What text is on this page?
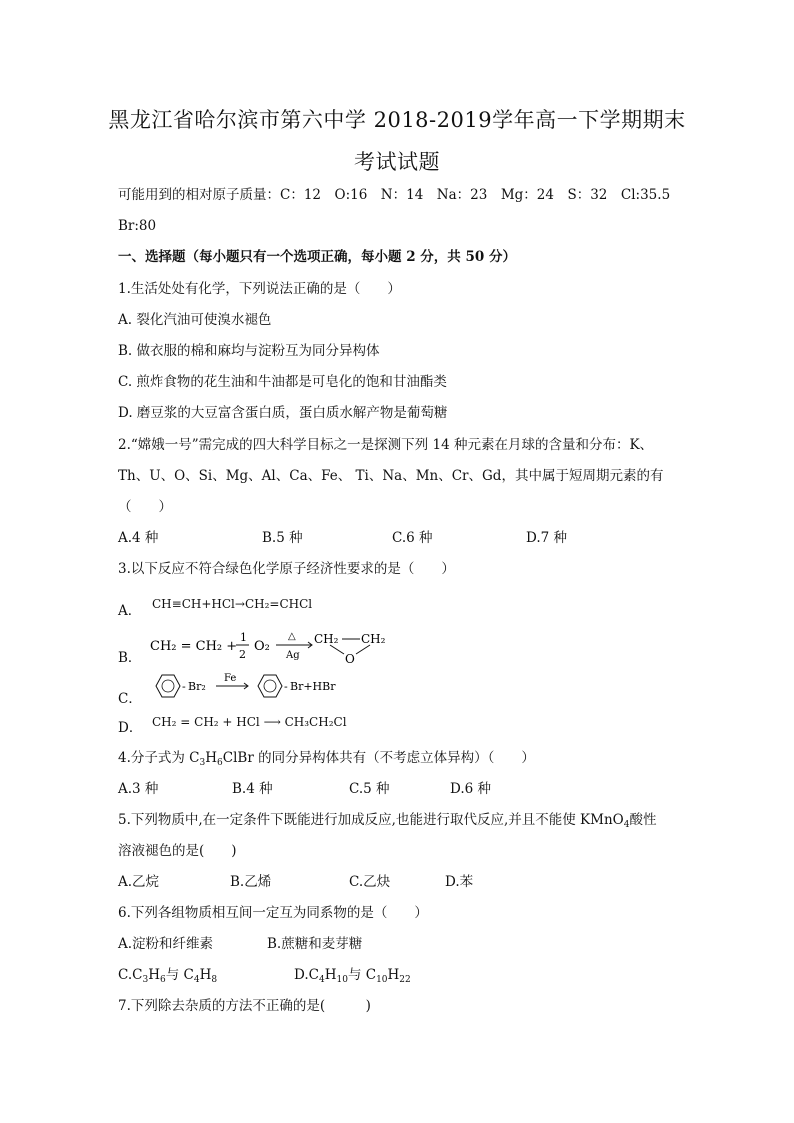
黑龙江省哈尔滨市第六中学 2018-2019学年高一下学期期末
考试试题
可能用到的相对原子质量：C：12　O:16　N：14　Na：23　Mg：24　S：32　Cl:35.5
Br:80
一、选择题（每小题只有一个选项正确，每小题 2 分，共 50 分）
1.生活处处有化学，下列说法正确的是（　　）
A. 裂化汽油可使溴水褪色
B. 做衣服的棉和麻均与淀粉互为同分异构体
C. 煎炸食物的花生油和牛油都是可皂化的饱和甘油酯类
D. 磨豆浆的大豆富含蛋白质，蛋白质水解产物是葡萄糖
2.“嫦娥一号”需完成的四大科学目标之一是探测下列 14 种元素在月球的含量和分布：K、
Th、U、O、Si、Mg、Al、Ca、Fe、 Ti、Na、Mn、Cr、Gd，其中属于短周期元素的有
（　　）
A.4 种	B.5 种	C.6 种	D.7 种
3.以下反应不符合绿色化学原子经济性要求的是（　　）
A． CH≡CH+HCl→CH₂=CHCl
B．
CH₂ = CH₂ +
1
2
O₂
△
Ag
CH₂ CH₂
O
C．
- Br₂
Fe
- Br+HBr
D． CH₂ = CH₂ + HCl ⟶ CH₃CH₂Cl
4.分子式为 $C_3H_6ClBr$ 的同分异构体共有（不考虑立体异构）（　　）
A.3 种	B.4 种	C.5 种	D.6 种
5.下列物质中,在一定条件下既能进行加成反应,也能进行取代反应,并且不能使 KMnO$_4$酸性
溶液褪色的是(　　)
A.乙烷	B.乙烯	C.乙炔	D.苯
6.下列各组物质相互间一定互为同系物的是（　　）
A.淀粉和纤维素	B.蔗糖和麦芽糖
$C.C_3H_6$与 $C_4H_8$	$D.C_4H_{10}$与 $C_{10}H_{22}$
7.下列除去杂质的方法不正确的是(　　　)
